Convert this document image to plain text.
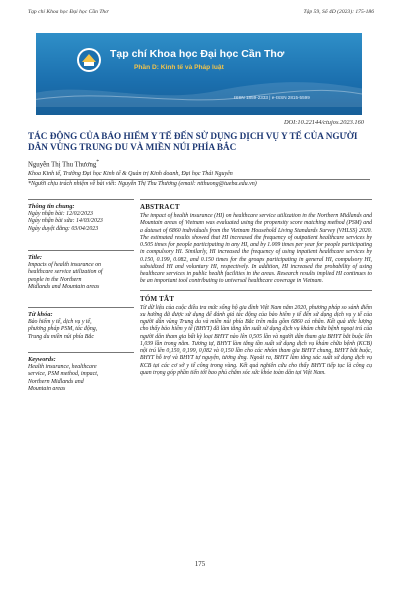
Tạp chí Khoa học Đại học Cần Thơ	Tập 59, Số 4D (2023): 175-186
Tạp chí Khoa học Đại học Cần Thơ
Phần D: Kinh tế và Pháp luật
ISSN 1859-2333 | e-ISSN 2815-5599
DOI:10.22144/ctujos.2023.160
TÁC ĐỘNG CỦA BẢO HIỂM Y TẾ ĐẾN SỬ DỤNG DỊCH VỤ Y TẾ CỦA NGƯỜI DÂN VÙNG TRUNG DU VÀ MIỀN NÚI PHÍA BẮC
Nguyễn Thị Thu Thương*
Khoa Kinh tế, Trường Đại học Kinh tế & Quản trị Kinh doanh, Đại học Thái Nguyên
*Người chịu trách nhiệm về bài viết: Nguyễn Thị Thu Thương (email: ntthuong@tueba.edu.vn)
Thông tin chung:
Ngày nhận bài: 12/02/2023
Ngày nhận bài sửa: 14/03/2023
Ngày duyệt đăng: 03/04/2023
Title:
Impacts of health insurance on
healthcare service utilization of
people in the Northern
Midlands and Mountain areas
Từ khóa:
Bảo hiểm y tế, dịch vụ y tế,
phương pháp PSM, tác động,
Trung du miền núi phía Bắc
Keywords:
Health insurance, healthcare
service, PSM method, impact,
Northern Midlands and
Mountain areas
ABSTRACT

The impact of health insurance (HI) on healthcare service utilization in the Northern Midlands and Mountain areas of Vietnam was evaluated using the propensity score matching method (PSM) and a dataset of 6860 individuals from the Vietnam Household Living Standards Survey (VHLSS) 2020. The estimated results showed that HI increased the frequency of outpatient healthcare services by 0.505 times for people participating in any HI, and by 1.009 times per year for people participating in compulsory HI. Similarly, HI increased the frequency of using inpatient healthcare services by 0.150, 0.199, 0.082, and 0.150 times for the groups participating in general HI, compulsory HI, subsidized HI and voluntary HI, respectively. In addition, HI increased the probability of using healthcare services in public health facilities in the areas. Research results implied HI continues to be an important tool contributing to universal healthcare coverage in Vietnam.

TÓM TẮT

Từ dữ liệu của cuộc điều tra mức sống hộ gia đình Việt Nam năm 2020, phương pháp so sánh điểm xu hướng đã được sử dụng để đánh giá tác động của bảo hiểm y tế đến sử dụng dịch vụ y tế của người dân vùng Trung du và miền núi phía Bắc trên mẫu gồm 6860 cá nhân. Kết quả ước lượng cho thấy bảo hiểm y tế (BHYT) đã làm tăng tần suất sử dụng dịch vụ khám chữa bệnh ngoại trú của người dân tham gia bất kỳ loại BHYT nào lên 0,505 lần và người dân tham gia BHYT bắt buộc lên 1,039 lần trong năm. Tương tự, BHYT làm tăng tần suất sử dụng dịch vụ khám chữa bệnh (KCB) nội trú lên 0,150, 0,199, 0,082 và 0,150 lần cho các nhóm tham gia BHYT chung, BHYT bắt buộc, BHYT hỗ trợ và BHYT tự nguyện, tương ứng. Ngoài ra, BHYT làm tăng xác suất sử dụng dịch vụ KCB tại các cơ sở y tế công trong vùng. Kết quả nghiên cứu cho thấy BHYT tiếp tục là công cụ quan trọng góp phần tiến tới bao phủ chăm sóc sức khỏe toàn dân tại Việt Nam.

175
